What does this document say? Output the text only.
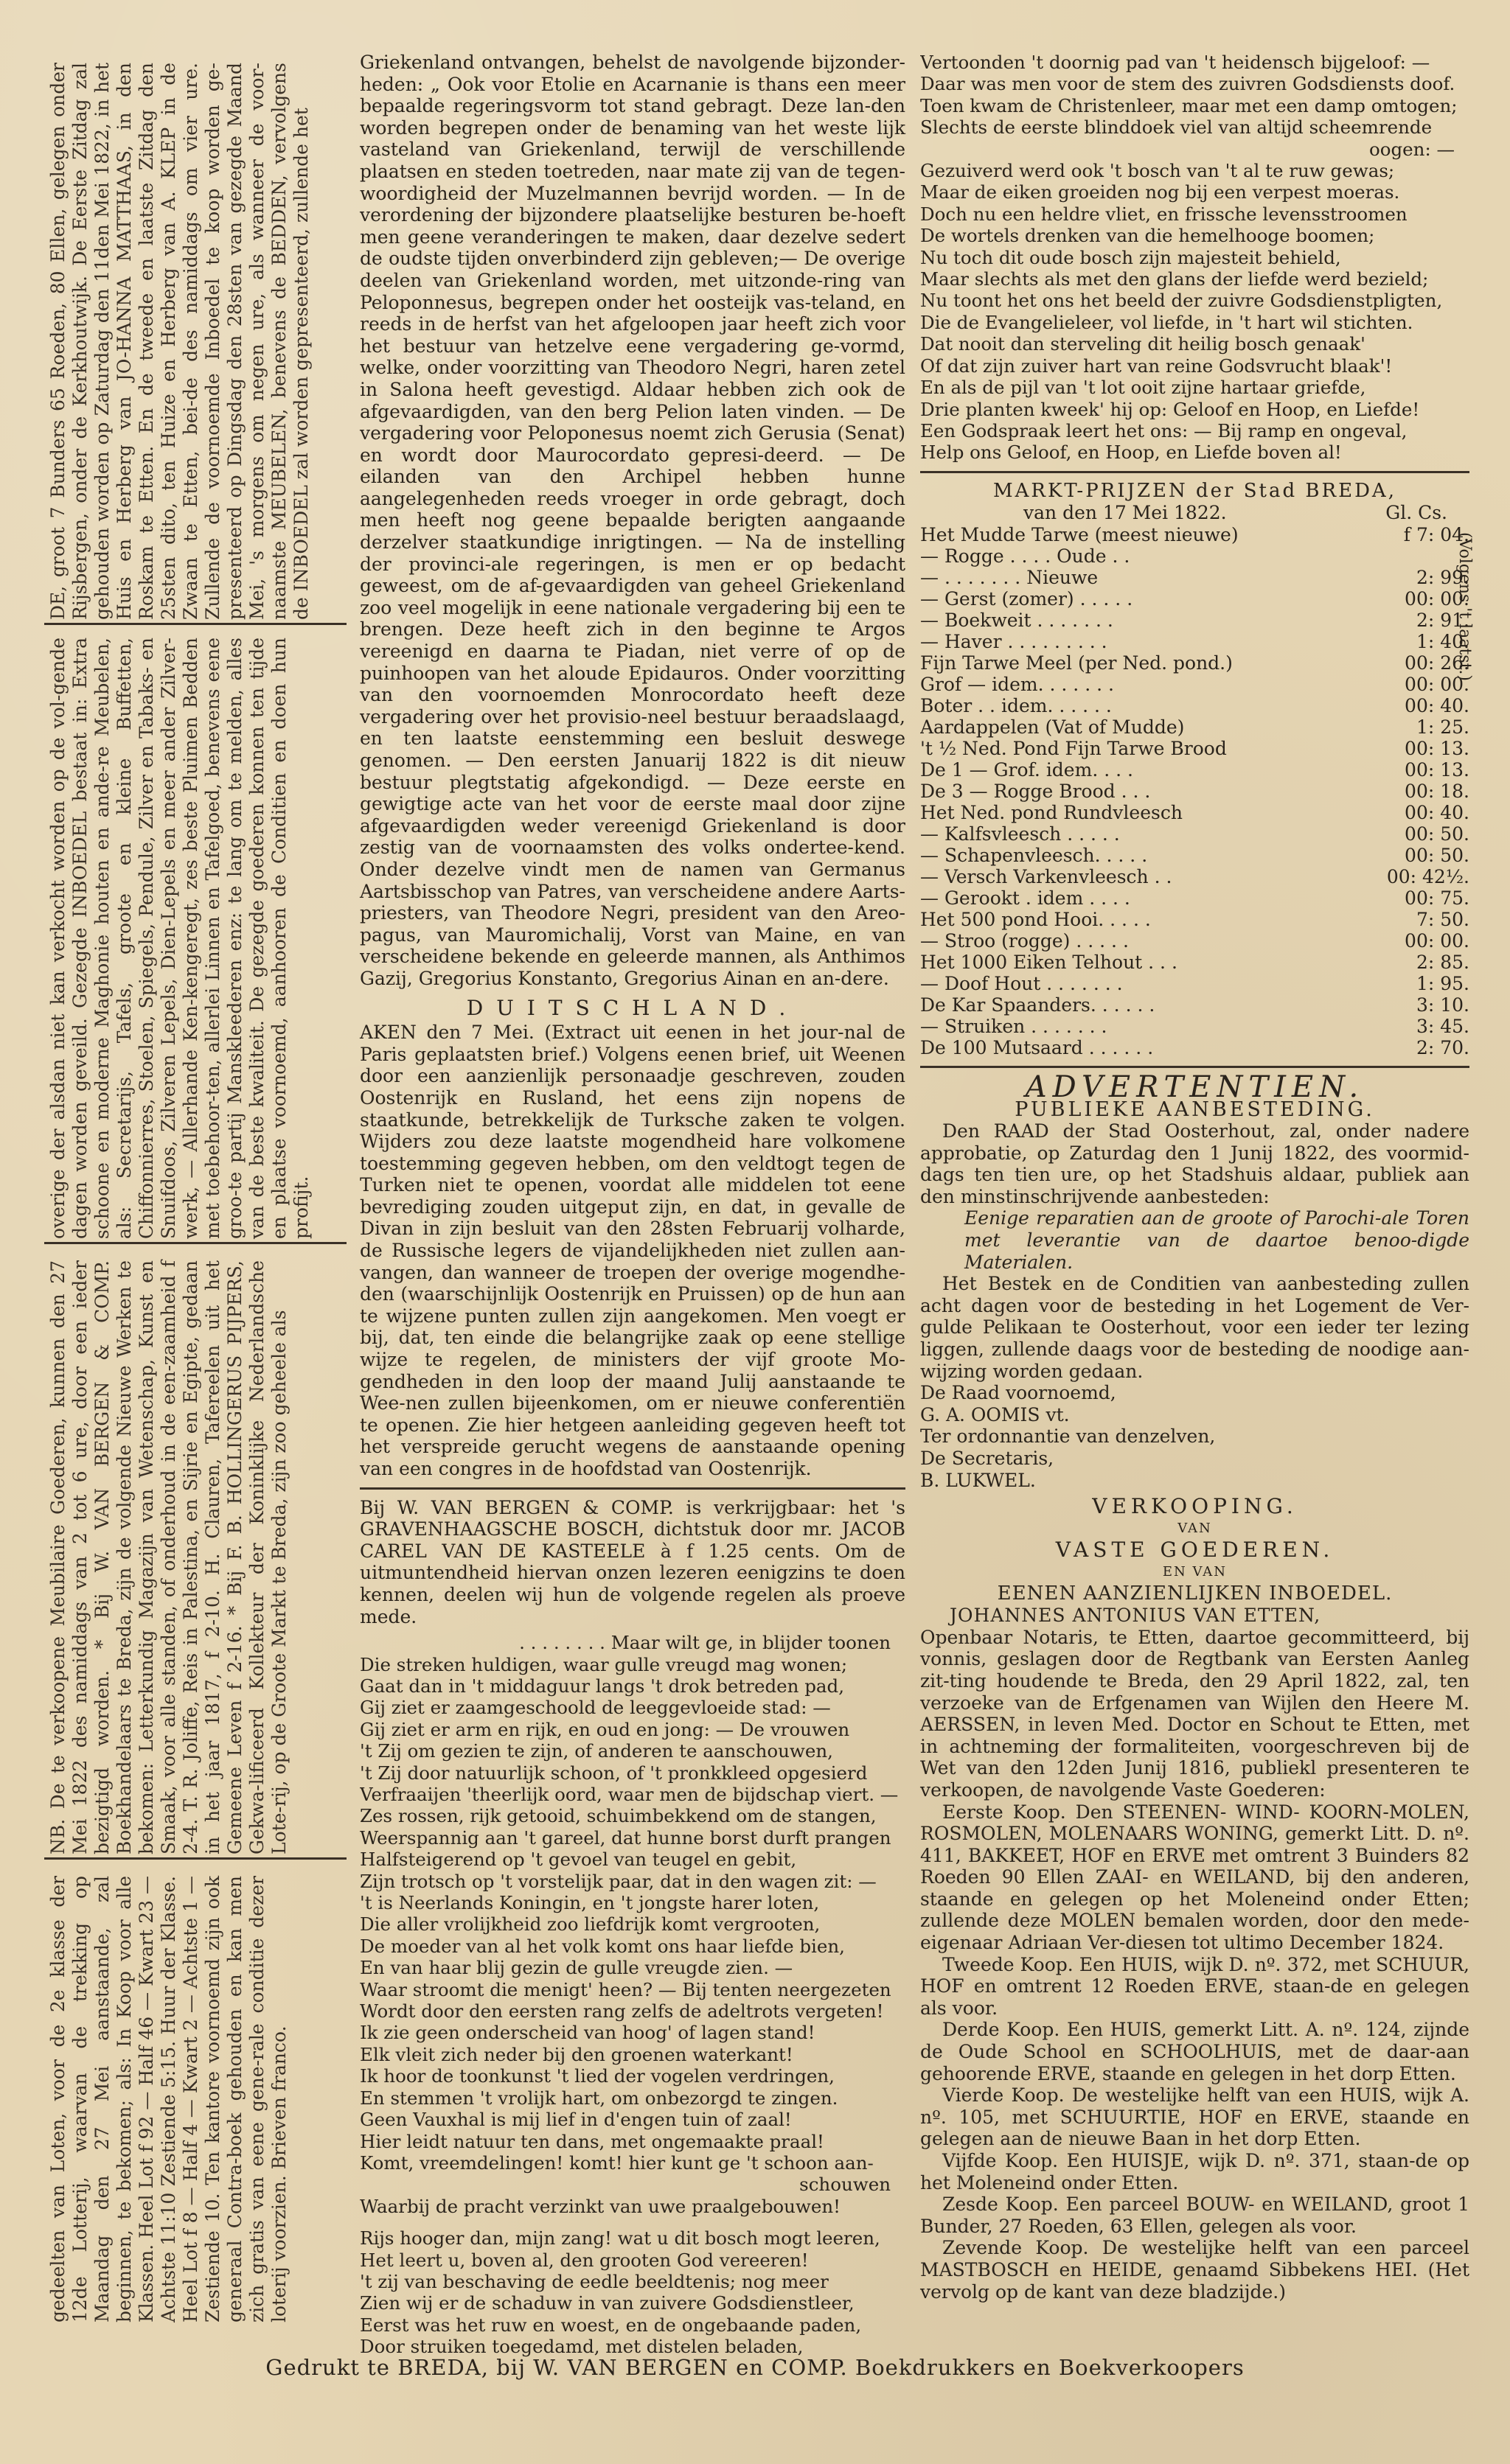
DE, groot 7 Bunders 65 Roeden, 80 Ellen, gelegen onder Rijsbergen, onder de Kerkhoutwijk. De Eerste Zitdag zal gehouden worden op Zaturdag den 11den Mei 1822, in het Huis en Herberg van JO-HANNA MATTHAAS, in den Roskam te Etten. En de tweede en laatste Zitdag den 25sten dito, ten Huize en Herberg van A. KLEP in de Zwaan te Etten, bei-de des namiddags om vier ure. Zullende de voornoemde Inboedel te koop worden ge-presenteerd op Dingsdag den 28sten van gezegde Maand Mei, 's morgens om negen ure, als wanneer de voor-naamste MEUBELEN, benevens de BEDDEN, vervolgens de INBOEDEL zal worden gepresenteerd, zullende het

overige der alsdan niet kan verkocht worden op de vol-gende dagen worden geveild. Gezegde INBOEDEL bestaat in: Extra schoone en moderne Maghonie houten en ande-re Meubelen, als: Secretarijs, Tafels, groote en kleine Buffetten, Chiffonnierres, Stoelen, Spiegels, Pendule, Zilver en Tabaks- en Snuifdoos, Zilveren Lepels, Dien-Lepels en meer ander Zilver-werk, — Allerhande Ken-kengeregt, zes beste Pluimen Bedden met toebehoor-ten, allerlei Linnen en Tafelgoed, benevens eene groo-te partij Manskleederen enz: te lang om te melden, alles van de beste kwaliteit. De gezegde goederen konnen ten tijde en plaatse voornoemd, aanhooren de Conditien en doen hun profijt.

NB. De te verkoopene Meubilaire Goederen, kunnen den 27 Mei 1822 des namiddags van 2 tot 6 ure, door een ieder bezigtigd worden. * Bij W. VAN BERGEN & COMP. Boekhandelaars te Breda, zijn de volgende Nieuwe Werken te bekomen: Letterkundig Magazijn van Wetenschap, Kunst en Smaak, voor alle standen, of onderhoud in de een-zaamheid f 2-4. T. R. Joliffe, Reis in Palestina, en Sijrie en Egipte, gedaan in het jaar 1817, f 2-10. H. Clauren, Tafereelen uit het Gemeene Leven f 2-16. * Bij F. B. HOLLINGERUS PIJPERS, Gekwa-lificeerd Kollekteur der Koninklijke Nederlandsche Lote-rij, op de Groote Markt te Breda, zijn zoo geheele als

gedeelten van Loten, voor de 2e klasse der 12de Lotterij, waarvan de trekking op Maandag den 27 Mei aanstaande, zal beginnen, te bekomen; als: In Koop voor alle Klassen. Heel Lot f 92 — Half 46 — Kwart 23 — Achtste 11:10 Zestiende 5:15. Huur der Klasse. Heel Lot f 8 — Half 4 — Kwart 2 — Achtste 1 — Zestiende 10. Ten kantore voornoemd zijn ook generaal Contra-boek gehouden en kan men zich gratis van eene gene-rale conditie dezer loterij voorzien. Brieven franco.

Griekenland ontvangen, behelst de navolgende bijzonder-heden: „ Ook voor Etolie en Acarnanie is thans een meer bepaalde regeringsvorm tot stand gebragt. Deze lan-den worden begrepen onder de benaming van het weste lijk vasteland van Griekenland, terwijl de verschillende plaatsen en steden toetreden, naar mate zij van de tegen-woordigheid der Muzelmannen bevrijd worden. — In de verordening der bijzondere plaatselijke besturen be-hoeft men geene veranderingen te maken, daar dezelve sedert de oudste tijden onverbinderd zijn gebleven;— De overige deelen van Griekenland worden, met uitzonde-ring van Peloponnesus, begrepen onder het oosteijk vas-teland, en reeds in de herfst van het afgeloopen jaar heeft zich voor het bestuur van hetzelve eene vergadering ge-vormd, welke, onder voorzitting van Theodoro Negri, haren zetel in Salona heeft gevestigd. Aldaar hebben zich ook de afgevaardigden, van den berg Pelion laten vinden. — De vergadering voor Peloponesus noemt zich Gerusia (Senat) en wordt door Maurocordato gepresi-deerd. — De eilanden van den Archipel hebben hunne aangelegenheden reeds vroeger in orde gebragt, doch men heeft nog geene bepaalde berigten aangaande derzelver staatkundige inrigtingen. — Na de instelling der provinci-ale regeringen, is men er op bedacht geweest, om de af-gevaardigden van geheel Griekenland zoo veel mogelijk in eene nationale vergadering bij een te brengen. Deze heeft zich in den beginne te Argos vereenigd en daarna te Piadan, niet verre of op de puinhoopen van het aloude Epidauros. Onder voorzitting van den voornoemden Monrocordato heeft deze vergadering over het provisio-neel bestuur beraadslaagd, en ten laatste eenstemming een besluit deswege genomen. — Den eersten Januarij 1822 is dit nieuw bestuur plegtstatig afgekondigd. — Deze eerste en gewigtige acte van het voor de eerste maal door zijne afgevaardigden weder vereenigd Griekenland is door zestig van de voornaamsten des volks ondertee-kend. Onder dezelve vindt men de namen van Germanus Aartsbisschop van Patres, van verscheidene andere Aarts-priesters, van Theodore Negri, president van den Areo-pagus, van Mauromichalij, Vorst van Maine, en van verscheidene bekende en geleerde mannen, als Anthimos Gazij, Gregorius Konstanto, Gregorius Ainan en an-dere.

DUITSCHLAND.

AKEN den 7 Mei. (Extract uit eenen in het jour-nal de Paris geplaatsten brief.) Volgens eenen brief, uit Weenen door een aanzienlijk personaadje geschreven, zouden Oostenrijk en Rusland, het eens zijn nopens de staatkunde, betrekkelijk de Turksche zaken te volgen. Wijders zou deze laatste mogendheid hare volkomene toestemming gegeven hebben, om den veldtogt tegen de Turken niet te openen, voordat alle middelen tot eene bevrediging zouden uitgeput zijn, en dat, in gevalle de Divan in zijn besluit van den 28sten Februarij volharde, de Russische legers de vijandelijkheden niet zullen aan-vangen, dan wanneer de troepen der overige mogendhe-den (waarschijnlijk Oostenrijk en Pruissen) op de hun aan te wijzene punten zullen zijn aangekomen. Men voegt er bij, dat, ten einde die belangrijke zaak op eene stellige wijze te regelen, de ministers der vijf groote Mo-gendheden in den loop der maand Julij aanstaande te Wee-nen zullen bijeenkomen, om er nieuwe conferentiën te openen. Zie hier hetgeen aanleiding gegeven heeft tot het verspreide gerucht wegens de aanstaande opening van een congres in de hoofdstad van Oostenrijk.

Bij W. VAN BERGEN & COMP. is verkrijgbaar: het 's GRAVENHAAGSCHE BOSCH, dichtstuk door mr. JACOB CAREL VAN DE KASTEELE à f 1.25 cents. Om de uitmuntendheid hiervan onzen lezeren eenigzins te doen kennen, deelen wij hun de volgende regelen als proeve mede.

. . . . . . . . Maar wilt ge, in blijder toonen

Die streken huldigen, waar gulle vreugd mag wonen;

Gaat dan in 't middaguur langs 't drok betreden pad,

Gij ziet er zaamgeschoold de leeggevloeide stad: —

Gij ziet er arm en rijk, en oud en jong: — De vrouwen

't Zij om gezien te zijn, of anderen te aanschouwen,

't Zij door natuurlijk schoon, of 't pronkkleed opgesierd

Verfraaijen 'theerlijk oord, waar men de bijdschap viert. —

Zes rossen, rijk getooid, schuimbekkend om de stangen,

Weerspannig aan 't gareel, dat hunne borst durft prangen

Halfsteigerend op 't gevoel van teugel en gebit,

Zijn trotsch op 't vorstelijk paar, dat in den wagen zit: —

't is Neerlands Koningin, en 't jongste harer loten,

Die aller vrolijkheid zoo liefdrijk komt vergrooten,

De moeder van al het volk komt ons haar liefde bien,

En van haar blij gezin de gulle vreugde zien. —

Waar stroomt die menigt' heen? — Bij tenten neergezeten

Wordt door den eersten rang zelfs de adeltrots vergeten!

Ik zie geen onderscheid van hoog' of lagen stand!

Elk vleit zich neder bij den groenen waterkant!

Ik hoor de toonkunst 't lied der vogelen verdringen,

En stemmen 't vrolijk hart, om onbezorgd te zingen.

Geen Vauxhal is mij lief in d'engen tuin of zaal!

Hier leidt natuur ten dans, met ongemaakte praal!

Komt, vreemdelingen! komt! hier kunt ge 't schoon aan-

schouwen

Waarbij de pracht verzinkt van uwe praalgebouwen!

Rijs hooger dan, mijn zang! wat u dit bosch mogt leeren,

Het leert u, boven al, den grooten God vereeren!

't zij van beschaving de eedle beeldtenis; nog meer

Zien wij er de schaduw in van zuivere Godsdienstleer,

Eerst was het ruw en woest, en de ongebaande paden,

Door struiken toegedamd, met distelen beladen,

Vertoonden 't doornig pad van 't heidensch bijgeloof: —

Daar was men voor de stem des zuivren Godsdiensts doof.

Toen kwam de Christenleer, maar met een damp omtogen;

Slechts de eerste blinddoek viel van altijd scheemrende

oogen: —

Gezuiverd werd ook 't bosch van 't al te ruw gewas;

Maar de eiken groeiden nog bij een verpest moeras.

Doch nu een heldre vliet, en frissche levensstroomen

De wortels drenken van die hemelhooge boomen;

Nu toch dit oude bosch zijn majesteit behield,

Maar slechts als met den glans der liefde werd bezield;

Nu toont het ons het beeld der zuivre Godsdienstpligten,

Die de Evangelieleer, vol liefde, in 't hart wil stichten.

Dat nooit dan sterveling dit heilig bosch genaak'

Of dat zijn zuiver hart van reine Godsvrucht blaak'!

En als de pijl van 't lot ooit zijne hartaar griefde,

Drie planten kweek' hij op: Geloof en Hoop, en Liefde!

Een Godspraak leert het ons: — Bij ramp en ongeval,

Help ons Geloof, en Hoop, en Liefde boven al!

MARKT-PRIJZEN der Stad BREDA,
van den 17 Mei 1822.	Gl. Cs.
Het Mudde Tarwe (meest nieuwe)	f 7: 04.
— Rogge . . . . Oude . .
— . . . . . . . Nieuwe	2: 99.
— Gerst (zomer) . . . . .	00: 00.
— Boekweit . . . . . . .	2: 91.
— Haver . . . . . . . . .	1: 40.
Fijn Tarwe Meel (per Ned. pond.)	00: 26.
Grof — idem. . . . . . .	00: 00.
Boter . . idem. . . . . .	00: 40.
Aardappelen (Vat of Mudde)	1: 25.
't ½ Ned. Pond Fijn Tarwe Brood	00: 13.
De 1 — Grof. idem. . . .	00: 13.
De 3 — Rogge Brood . . .	00: 18.
Het Ned. pond Rundvleesch	00: 40.
— Kalfsvleesch . . . . .	00: 50.
— Schapenvleesch. . . . .	00: 50.
— Versch Varkenvleesch . .	00: 42½.
— Gerookt . idem . . . .	00: 75.
Het 500 pond Hooi. . . . .	7: 50.
— Stroo (rogge) . . . . .	00: 00.
Het 1000 Eiken Telhout . . .	2: 85.
— Doof Hout . . . . . . .	1: 95.
De Kar Spaanders. . . . . .	3: 10.
— Struiken . . . . . . .	3: 45.
De 100 Mutsaard . . . . . .	2: 70.
(Volgens 't laatst.)
ADVERTENTIEN.
PUBLIEKE AANBESTEDING.

Den RAAD der Stad Oosterhout, zal, onder nadere approbatie, op Zaturdag den 1 Junij 1822, des voormid-dags ten tien ure, op het Stadshuis aldaar, publiek aan den minstinschrijvende aanbesteden:

Eenige reparatien aan de groote of Parochi-ale Toren met leverantie van de daartoe benoo-digde Materialen.

Het Bestek en de Conditien van aanbesteding zullen acht dagen voor de besteding in het Logement de Ver-gulde Pelikaan te Oosterhout, voor een ieder ter lezing liggen, zullende daags voor de besteding de noodige aan-wijzing worden gedaan.

De Raad voornoemd,

G. A. OOMIS vt.

Ter ordonnantie van denzelven,

De Secretaris,

B. LUKWEL.

VERKOOPING.
VAN
VASTE GOEDEREN.
EN VAN
EENEN AANZIENLIJKEN INBOEDEL.

JOHANNES ANTONIUS VAN ETTEN,

Openbaar Notaris, te Etten, daartoe gecommitteerd, bij vonnis, geslagen door de Regtbank van Eersten Aanleg zit-ting houdende te Breda, den 29 April 1822, zal, ten verzoeke van de Erfgenamen van Wijlen den Heere M. AERSSEN, in leven Med. Doctor en Schout te Etten, met in achtneming der formaliteiten, voorgeschreven bij de Wet van den 12den Junij 1816, publiekl presenteren te verkoopen, de navolgende Vaste Goederen:

Eerste Koop. Den STEENEN- WIND- KOORN-MOLEN, ROSMOLEN, MOLENAARS WONING, gemerkt Litt. D. nº. 411, BAKKEET, HOF en ERVE met omtrent 3 Buinders 82 Roeden 90 Ellen ZAAI- en WEILAND, bij den anderen, staande en gelegen op het Moleneind onder Etten; zullende deze MOLEN bemalen worden, door den mede-eigenaar Adriaan Ver-diesen tot ultimo December 1824.

Tweede Koop. Een HUIS, wijk D. nº. 372, met SCHUUR, HOF en omtrent 12 Roeden ERVE, staan-de en gelegen als voor.

Derde Koop. Een HUIS, gemerkt Litt. A. nº. 124, zijnde de Oude School en SCHOOLHUIS, met de daar-aan gehoorende ERVE, staande en gelegen in het dorp Etten.

Vierde Koop. De westelijke helft van een HUIS, wijk A. nº. 105, met SCHUURTIE, HOF en ERVE, staande en gelegen aan de nieuwe Baan in het dorp Etten.

Vijfde Koop. Een HUISJE, wijk D. nº. 371, staan-de op het Moleneind onder Etten.

Zesde Koop. Een parceel BOUW- en WEILAND, groot 1 Bunder, 27 Roeden, 63 Ellen, gelegen als voor.

Zevende Koop. De westelijke helft van een parceel MASTBOSCH en HEIDE, genaamd Sibbekens HEI. (Het vervolg op de kant van deze bladzijde.)

Gedrukt te BREDA, bij W. VAN BERGEN en COMP. Boekdrukkers en Boekverkoopers
